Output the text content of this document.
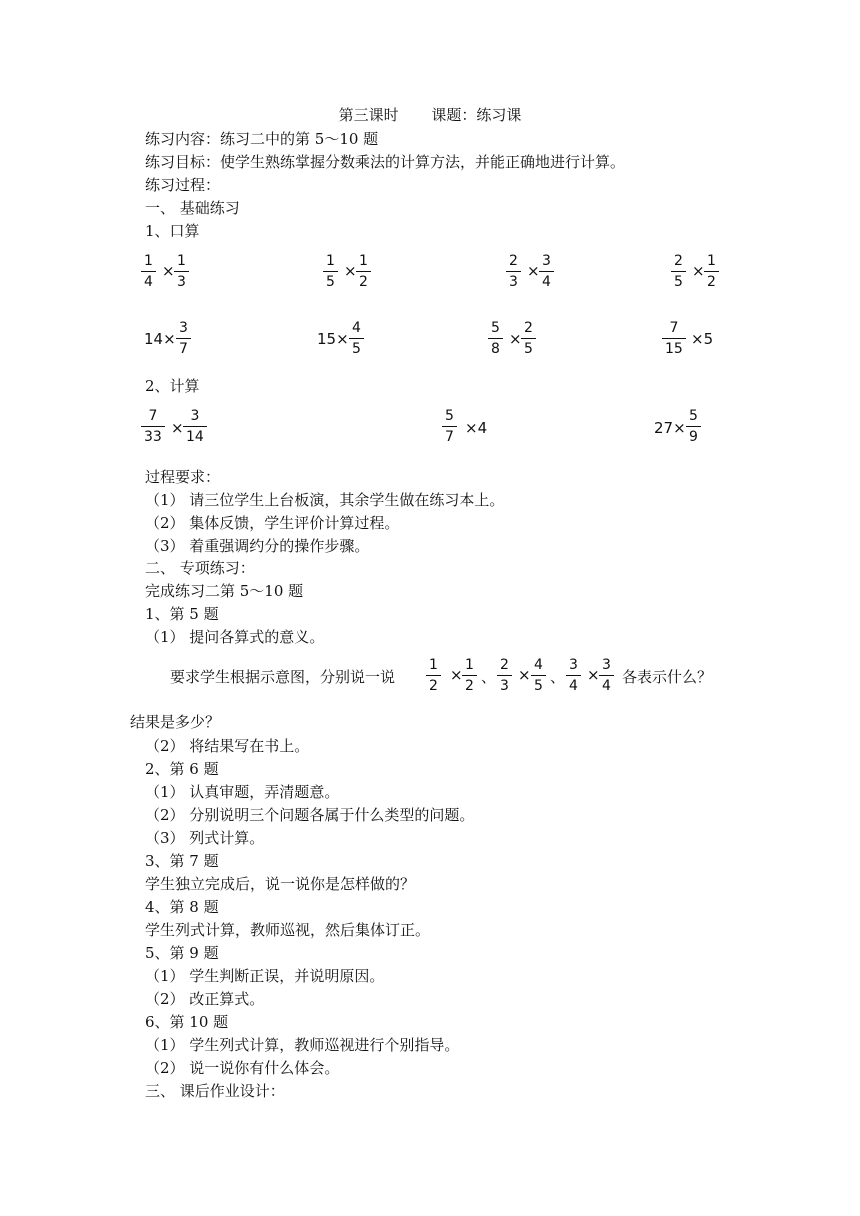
第三课时 课题：练习课
练习内容：练习二中的第 5～10 题
练习目标：使学生熟练掌握分数乘法的计算方法，并能正确地进行计算。
练习过程：
一、 基础练习
1、口算
1
4
×
1
3
1
5
×
1
2
2
3
×
3
4
2
5
×
1
2
14×
3
7
15×
4
5
5
8
×
2
5
7
15
×5
2、计算
7
33 ×
3
14
5
7 ×4	27×
5
9
过程要求：
（1） 请三位学生上台板演，其余学生做在练习本上。
（2） 集体反馈，学生评价计算过程。
（3） 着重强调约分的操作步骤。
二、 专项练习：
完成练习二第 5～10 题
1、第 5 题
（1） 提问各算式的意义。
要求学生根据示意图，分别说一说
1
2
×
1
2 、
2
3
×
4
5 、
3
4
×
3
4 各表示什么？
结果是多少？
（2） 将结果写在书上。
2、第 6 题
（1） 认真审题，弄清题意。
（2） 分别说明三个问题各属于什么类型的问题。
（3） 列式计算。
3、第 7 题
学生独立完成后，说一说你是怎样做的？
4、第 8 题
学生列式计算，教师巡视，然后集体订正。
5、第 9 题
（1） 学生判断正误，并说明原因。
（2） 改正算式。
6、第 10 题
（1） 学生列式计算，教师巡视进行个别指导。
（2） 说一说你有什么体会。
三、 课后作业设计：
